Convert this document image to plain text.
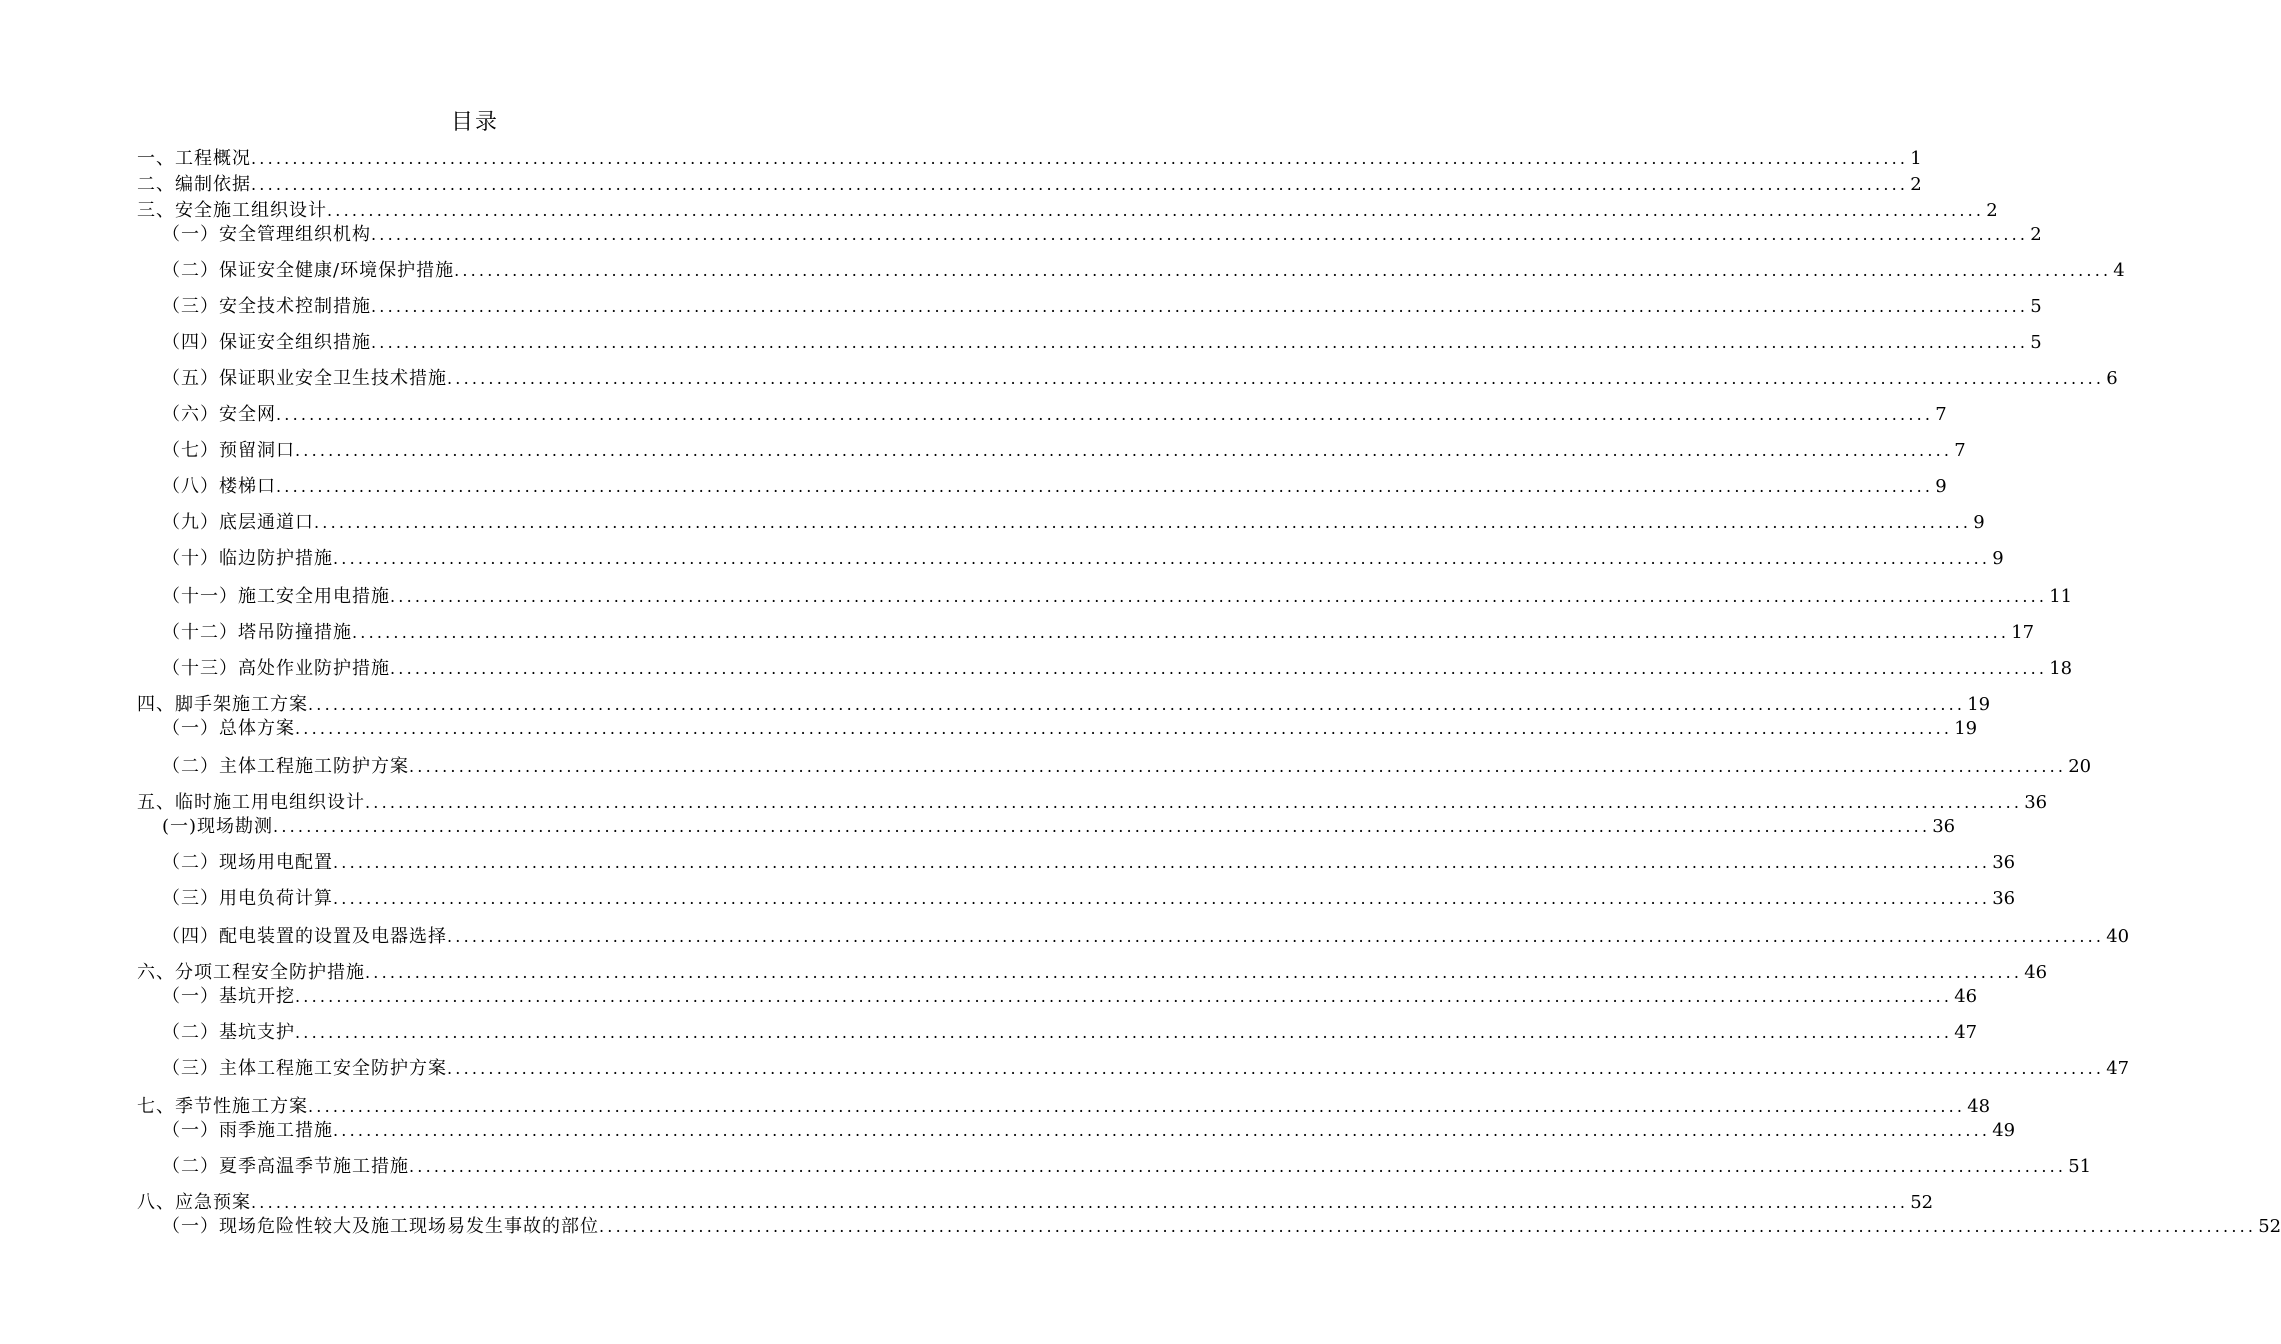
目录
一、工程概况 ........................................................................................................................................................................................................ 1
二、编制依据 ........................................................................................................................................................................................................ 2
三、安全施工组织设计 ........................................................................................................................................................................................................ 2
（一）安全管理组织机构 ........................................................................................................................................................................................................ 2
（二）保证安全健康/环境保护措施 ........................................................................................................................................................................................................ 4
（三）安全技术控制措施 ........................................................................................................................................................................................................ 5
（四）保证安全组织措施 ........................................................................................................................................................................................................ 5
（五）保证职业安全卫生技术措施 ........................................................................................................................................................................................................ 6
（六）安全网 ........................................................................................................................................................................................................ 7
（七）预留洞口 ........................................................................................................................................................................................................ 7
（八）楼梯口 ........................................................................................................................................................................................................ 9
（九）底层通道口 ........................................................................................................................................................................................................ 9
（十）临边防护措施 ........................................................................................................................................................................................................ 9
（十一）施工安全用电措施 ........................................................................................................................................................................................................ 11
（十二）塔吊防撞措施 ........................................................................................................................................................................................................ 17
（十三）高处作业防护措施 ........................................................................................................................................................................................................ 18
四、脚手架施工方案 ........................................................................................................................................................................................................ 19
（一）总体方案 ........................................................................................................................................................................................................ 19
（二）主体工程施工防护方案 ........................................................................................................................................................................................................ 20
五、临时施工用电组织设计 ........................................................................................................................................................................................................ 36
(一)现场勘测 ........................................................................................................................................................................................................ 36
（二）现场用电配置 ........................................................................................................................................................................................................ 36
（三）用电负荷计算 ........................................................................................................................................................................................................ 36
（四）配电装置的设置及电器选择 ........................................................................................................................................................................................................ 40
六、分项工程安全防护措施 ........................................................................................................................................................................................................ 46
（一）基坑开挖 ........................................................................................................................................................................................................ 46
（二）基坑支护 ........................................................................................................................................................................................................ 47
（三）主体工程施工安全防护方案 ........................................................................................................................................................................................................ 47
七、季节性施工方案 ........................................................................................................................................................................................................ 48
（一）雨季施工措施 ........................................................................................................................................................................................................ 49
（二）夏季高温季节施工措施 ........................................................................................................................................................................................................ 51
八、应急预案 ........................................................................................................................................................................................................ 52
（一）现场危险性较大及施工现场易发生事故的部位 ........................................................................................................................................................................................................ 52
